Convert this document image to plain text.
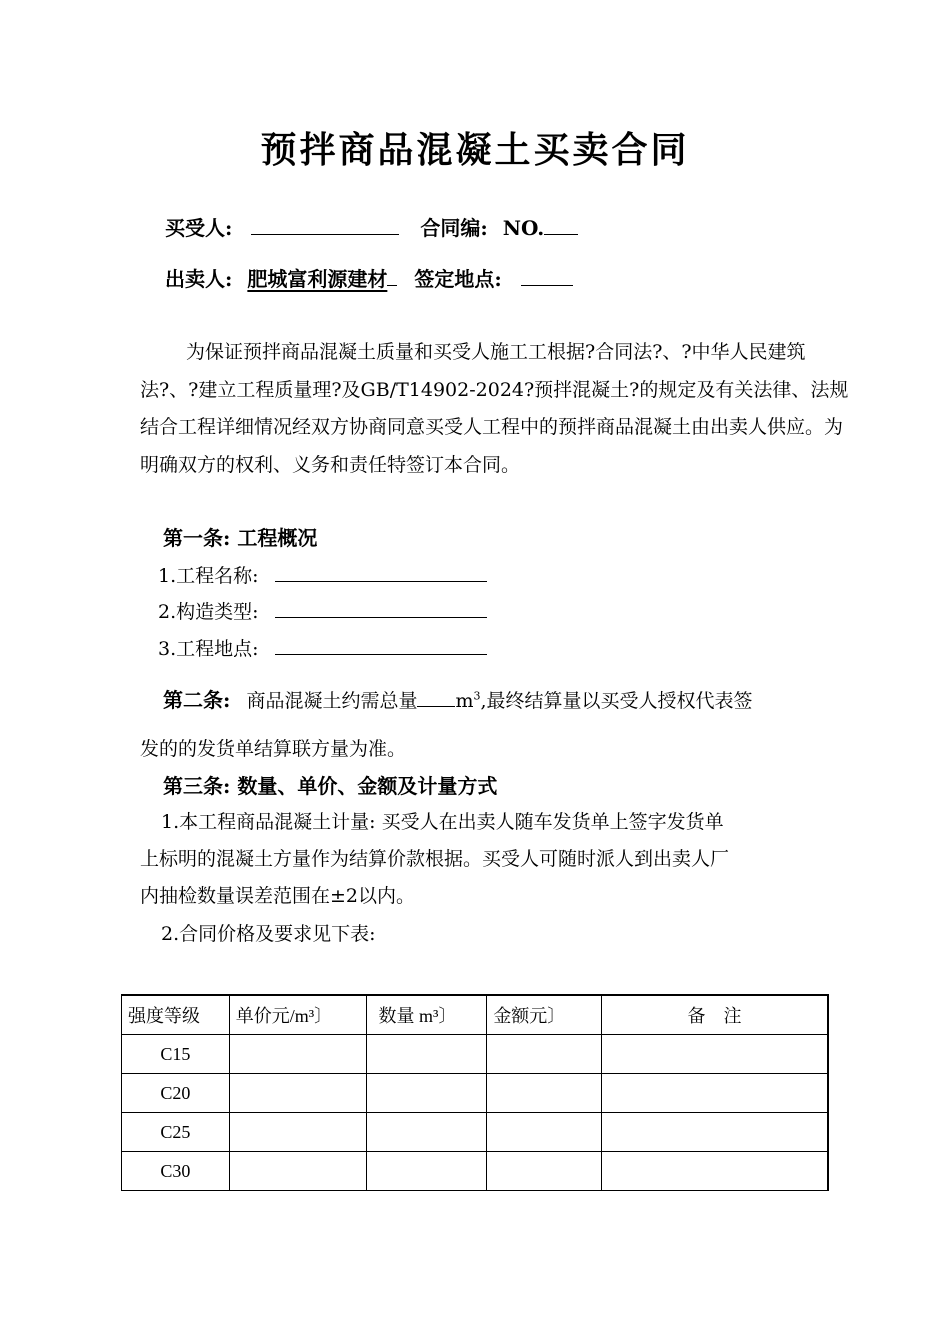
预拌商品混凝土买卖合同
买受人:	合同编: NO.
出卖人: 肥城富利源建材 签定地点:
为保证预拌商品混凝土质量和买受人施工工根据?合同法?、?中华人民建筑法?、?建立工程质量理?及GB/T14902-2024?预拌混凝土?的规定及有关法律、法规结合工程详细情况经双方协商同意买受人工程中的预拌商品混凝土由出卖人供应。为明确双方的权利、义务和责任特签订本合同。
第一条: 工程概况
1.工程名称:
2.构造类型:
3.工程地点:
第二条: 商品混凝土约需总量 $m^3$,最终结算量以买受人授权代表签
发的的发货单结算联方量为准。
第三条: 数量、单价、金额及计量方式
1.本工程商品混凝土计量: 买受人在出卖人随车发货单上签字发货单
上标明的混凝土方量作为结算价款根据。买受人可随时派人到出卖人厂
内抽检数量误差范围在±2以内。
2.合同价格及要求见下表:
强度等级	单价元/m³〕	数量 m³〕	金额元〕	备　注
C15				
C20				
C25				
C30				
